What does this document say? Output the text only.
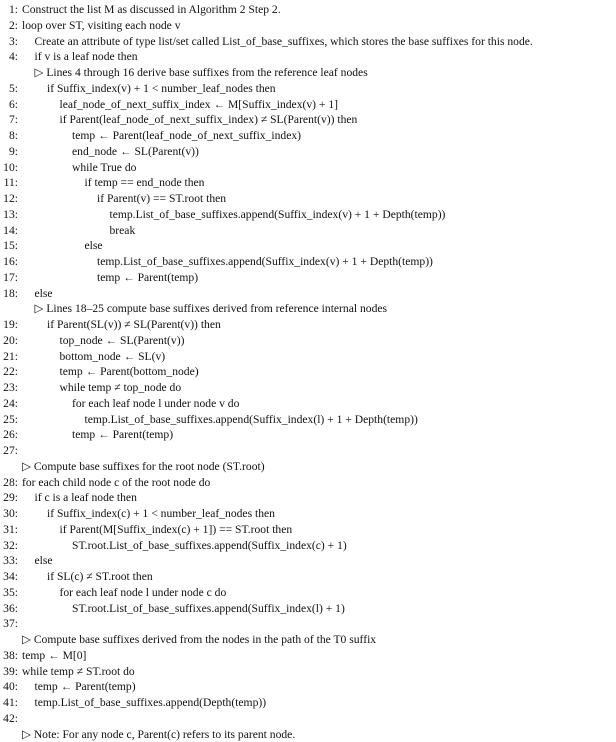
1: Construct the list M as discussed in Algorithm 2 Step 2.
2: loop over ST, visiting each node v
3: Create an attribute of type list/set called List_of_base_suffixes, which stores the base suffixes for this node.
4: if v is a leaf node then
▷ Lines 4 through 16 derive base suffixes from the reference leaf nodes
5:	if Suffix_index(v) + 1 < number_leaf_nodes then
6:	leaf_node_of_next_suffix_index ← M[Suffix_index(v) + 1]
7:	if Parent(leaf_node_of_next_suffix_index) ≠ SL(Parent(v)) then
8:	temp ← Parent(leaf_node_of_next_suffix_index)
9:	end_node ← SL(Parent(v))
10:	while True do
11:	if temp == end_node then
12:	if Parent(v) == ST.root then
13:	temp.List_of_base_suffixes.append(Suffix_index(v) + 1 + Depth(temp))
14:	break
15:	else
16:	temp.List_of_base_suffixes.append(Suffix_index(v) + 1 + Depth(temp))
17:	temp ← Parent(temp)
18: else
▷ Lines 18–25 compute base suffixes derived from reference internal nodes
19:	if Parent(SL(v)) ≠ SL(Parent(v)) then
20:	top_node ← SL(Parent(v))
21:	bottom_node ← SL(v)
22:	temp ← Parent(bottom_node)
23:	while temp ≠ top_node do
24:	for each leaf node l under node v do
25:	temp.List_of_base_suffixes.append(Suffix_index(l) + 1 + Depth(temp))
26:	temp ← Parent(temp)
27:
▷ Compute base suffixes for the root node (ST.root)
28: for each child node c of the root node do
29: if c is a leaf node then
30:	if Suffix_index(c) + 1 < number_leaf_nodes then
31:	if Parent(M[Suffix_index(c) + 1]) == ST.root then
32:	ST.root.List_of_base_suffixes.append(Suffix_index(c) + 1)
33: else
34:	if SL(c) ≠ ST.root then
35:	for each leaf node l under node c do
36:	ST.root.List_of_base_suffixes.append(Suffix_index(l) + 1)
37:
▷ Compute base suffixes derived from the nodes in the path of the T0 suffix
38: temp ← M[0]
39: while temp ≠ ST.root do
40: temp ← Parent(temp)
41: temp.List_of_base_suffixes.append(Depth(temp))
42:
▷ Note: For any node c, Parent(c) refers to its parent node.
